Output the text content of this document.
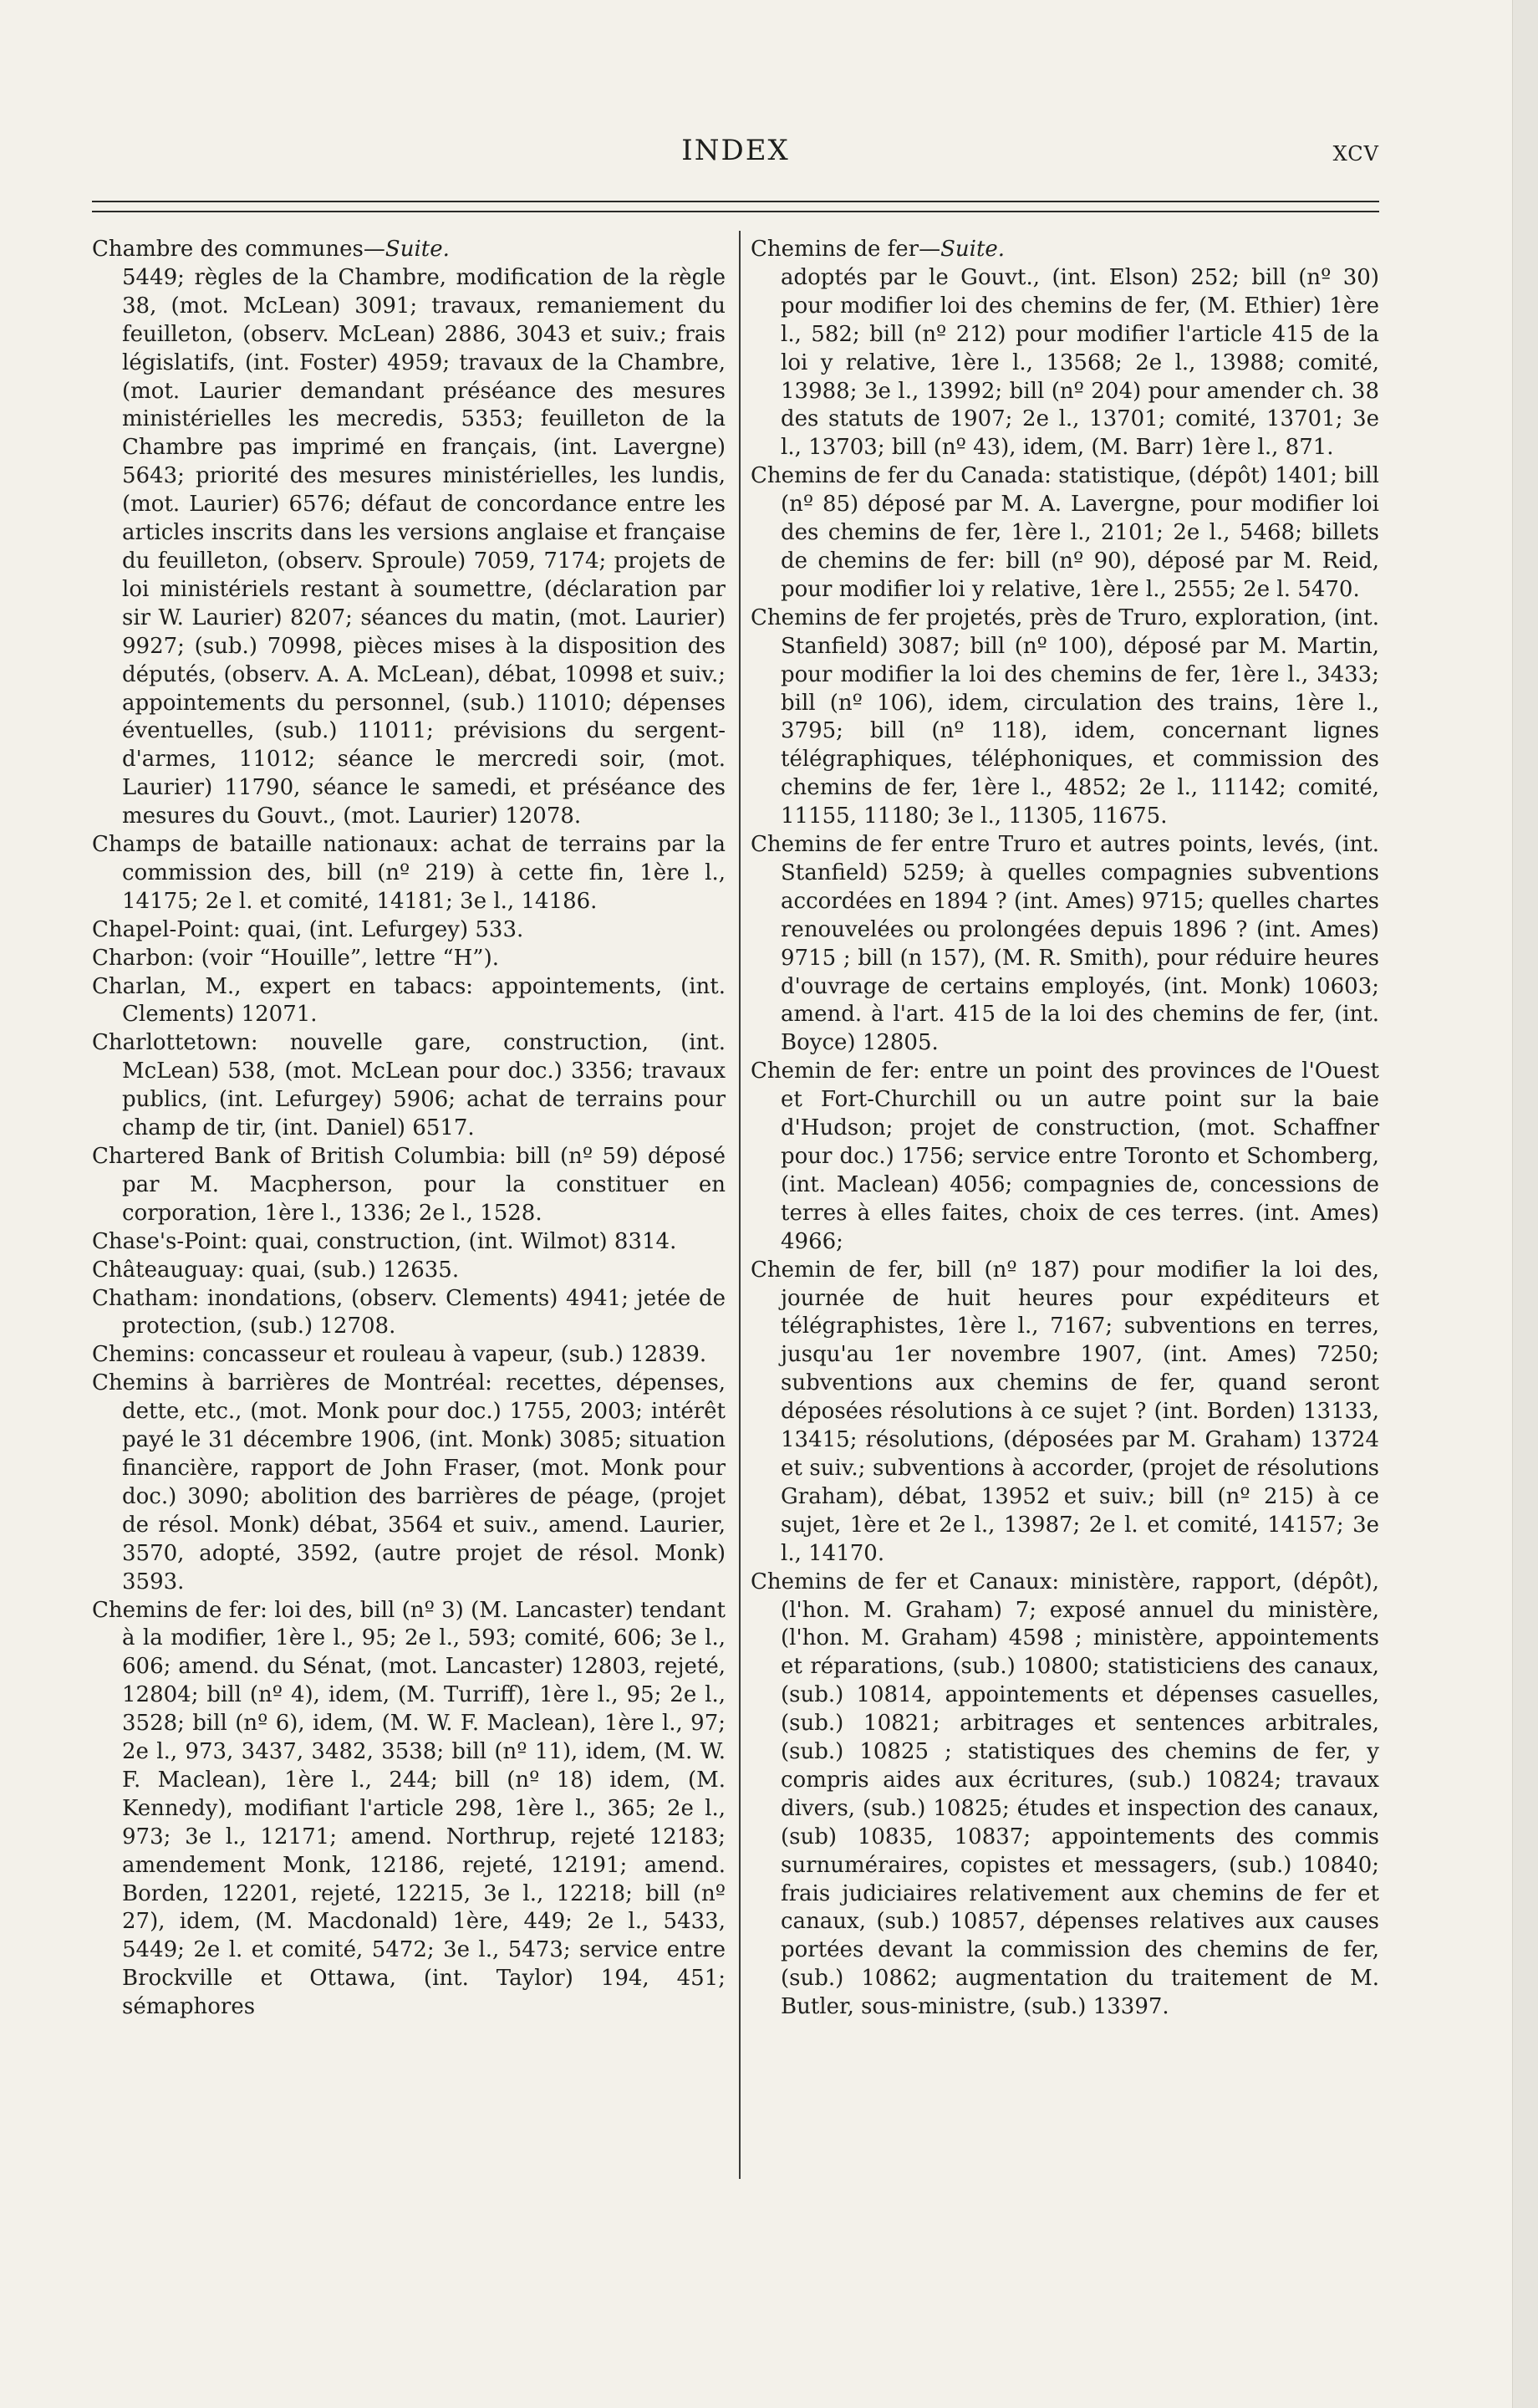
INDEX	XCV

Chambre des communes—Suite.

5449; règles de la Chambre, modification de la règle 38, (mot. McLean) 3091; travaux, remaniement du feuilleton, (observ. McLean) 2886, 3043 et suiv.; frais législatifs, (int. Foster) 4959; travaux de la Chambre, (mot. Laurier demandant préséance des mesures ministérielles les mecredis, 5353; feuilleton de la Chambre pas imprimé en français, (int. Lavergne) 5643; priorité des mesures ministérielles, les lundis, (mot. Laurier) 6576; défaut de concordance entre les articles inscrits dans les versions anglaise et française du feuilleton, (observ. Sproule) 7059, 7174; projets de loi ministériels restant à soumettre, (déclaration par sir W. Laurier) 8207; séances du matin, (mot. Laurier) 9927; (sub.) 70998, pièces mises à la disposition des députés, (observ. A. A. McLean), débat, 10998 et suiv.; appointements du personnel, (sub.) 11010; dépenses éventuelles, (sub.) 11011; prévisions du sergent-d'armes, 11012; séance le mercredi soir, (mot. Laurier) 11790, séance le samedi, et préséance des mesures du Gouvt., (mot. Laurier) 12078.

Champs de bataille nationaux: achat de terrains par la commission des, bill (nº 219) à cette fin, 1ère l., 14175; 2e l. et comité, 14181; 3e l., 14186.

Chapel-Point: quai, (int. Lefurgey) 533.

Charbon: (voir “Houille”, lettre “H”).

Charlan, M., expert en tabacs: appointements, (int. Clements) 12071.

Charlottetown: nouvelle gare, construction, (int. McLean) 538, (mot. McLean pour doc.) 3356; travaux publics, (int. Lefurgey) 5906; achat de terrains pour champ de tir, (int. Daniel) 6517.

Chartered Bank of British Columbia: bill (nº 59) déposé par M. Macpherson, pour la constituer en corporation, 1ère l., 1336; 2e l., 1528.

Chase's-Point: quai, construction, (int. Wilmot) 8314.

Châteauguay: quai, (sub.) 12635.

Chatham: inondations, (observ. Clements) 4941; jetée de protection, (sub.) 12708.

Chemins: concasseur et rouleau à vapeur, (sub.) 12839.

Chemins à barrières de Montréal: recettes, dépenses, dette, etc., (mot. Monk pour doc.) 1755, 2003; intérêt payé le 31 décembre 1906, (int. Monk) 3085; situation financière, rapport de John Fraser, (mot. Monk pour doc.) 3090; abolition des barrières de péage, (projet de résol. Monk) débat, 3564 et suiv., amend. Laurier, 3570, adopté, 3592, (autre projet de résol. Monk) 3593.

Chemins de fer: loi des, bill (nº 3) (M. Lancaster) tendant à la modifier, 1ère l., 95; 2e l., 593; comité, 606; 3e l., 606; amend. du Sénat, (mot. Lancaster) 12803, rejeté, 12804; bill (nº 4), idem, (M. Turriff), 1ère l., 95; 2e l., 3528; bill (nº 6), idem, (M. W. F. Maclean), 1ère l., 97; 2e l., 973, 3437, 3482, 3538; bill (nº 11), idem, (M. W. F. Maclean), 1ère l., 244; bill (nº 18) idem, (M. Kennedy), modifiant l'article 298, 1ère l., 365; 2e l., 973; 3e l., 12171; amend. Northrup, rejeté 12183; amendement Monk, 12186, rejeté, 12191; amend. Borden, 12201, rejeté, 12215, 3e l., 12218; bill (nº 27), idem, (M. Macdonald) 1ère, 449; 2e l., 5433, 5449; 2e l. et comité, 5472; 3e l., 5473; service entre Brockville et Ottawa, (int. Taylor) 194, 451; sémaphores

Chemins de fer—Suite.

adoptés par le Gouvt., (int. Elson) 252; bill (nº 30) pour modifier loi des chemins de fer, (M. Ethier) 1ère l., 582; bill (nº 212) pour modifier l'article 415 de la loi y relative, 1ère l., 13568; 2e l., 13988; comité, 13988; 3e l., 13992; bill (nº 204) pour amender ch. 38 des statuts de 1907; 2e l., 13701; comité, 13701; 3e l., 13703; bill (nº 43), idem, (M. Barr) 1ère l., 871.

Chemins de fer du Canada: statistique, (dépôt) 1401; bill (nº 85) déposé par M. A. Lavergne, pour modifier loi des chemins de fer, 1ère l., 2101; 2e l., 5468; billets de chemins de fer: bill (nº 90), déposé par M. Reid, pour modifier loi y relative, 1ère l., 2555; 2e l. 5470.

Chemins de fer projetés, près de Truro, exploration, (int. Stanfield) 3087; bill (nº 100), déposé par M. Martin, pour modifier la loi des chemins de fer, 1ère l., 3433; bill (nº 106), idem, circulation des trains, 1ère l., 3795; bill (nº 118), idem, concernant lignes télégraphiques, téléphoniques, et commission des chemins de fer, 1ère l., 4852; 2e l., 11142; comité, 11155, 11180; 3e l., 11305, 11675.

Chemins de fer entre Truro et autres points, levés, (int. Stanfield) 5259; à quelles compagnies subventions accordées en 1894 ? (int. Ames) 9715; quelles chartes renouvelées ou prolongées depuis 1896 ? (int. Ames) 9715 ; bill (n 157), (M. R. Smith), pour réduire heures d'ouvrage de certains employés, (int. Monk) 10603; amend. à l'art. 415 de la loi des chemins de fer, (int. Boyce) 12805.

Chemin de fer: entre un point des provinces de l'Ouest et Fort-Churchill ou un autre point sur la baie d'Hudson; projet de construction, (mot. Schaffner pour doc.) 1756; service entre Toronto et Schomberg, (int. Maclean) 4056; compagnies de, concessions de terres à elles faites, choix de ces terres. (int. Ames) 4966;

Chemin de fer, bill (nº 187) pour modifier la loi des, journée de huit heures pour expéditeurs et télégraphistes, 1ère l., 7167; subventions en terres, jusqu'au 1er novembre 1907, (int. Ames) 7250; subventions aux chemins de fer, quand seront déposées résolutions à ce sujet ? (int. Borden) 13133, 13415; résolutions, (déposées par M. Graham) 13724 et suiv.; subventions à accorder, (projet de résolutions Graham), débat, 13952 et suiv.; bill (nº 215) à ce sujet, 1ère et 2e l., 13987; 2e l. et comité, 14157; 3e l., 14170.

Chemins de fer et Canaux: ministère, rapport, (dépôt), (l'hon. M. Graham) 7; exposé annuel du ministère, (l'hon. M. Graham) 4598 ; ministère, appointements et réparations, (sub.) 10800; statisticiens des canaux, (sub.) 10814, appointements et dépenses casuelles, (sub.) 10821; arbitrages et sentences arbitrales, (sub.) 10825 ; statistiques des chemins de fer, y compris aides aux écritures, (sub.) 10824; travaux divers, (sub.) 10825; études et inspection des canaux, (sub) 10835, 10837; appointements des commis surnuméraires, copistes et messagers, (sub.) 10840; frais judiciaires relativement aux chemins de fer et canaux, (sub.) 10857, dépenses relatives aux causes portées devant la commission des chemins de fer, (sub.) 10862; augmentation du traitement de M. Butler, sous-ministre, (sub.) 13397.
